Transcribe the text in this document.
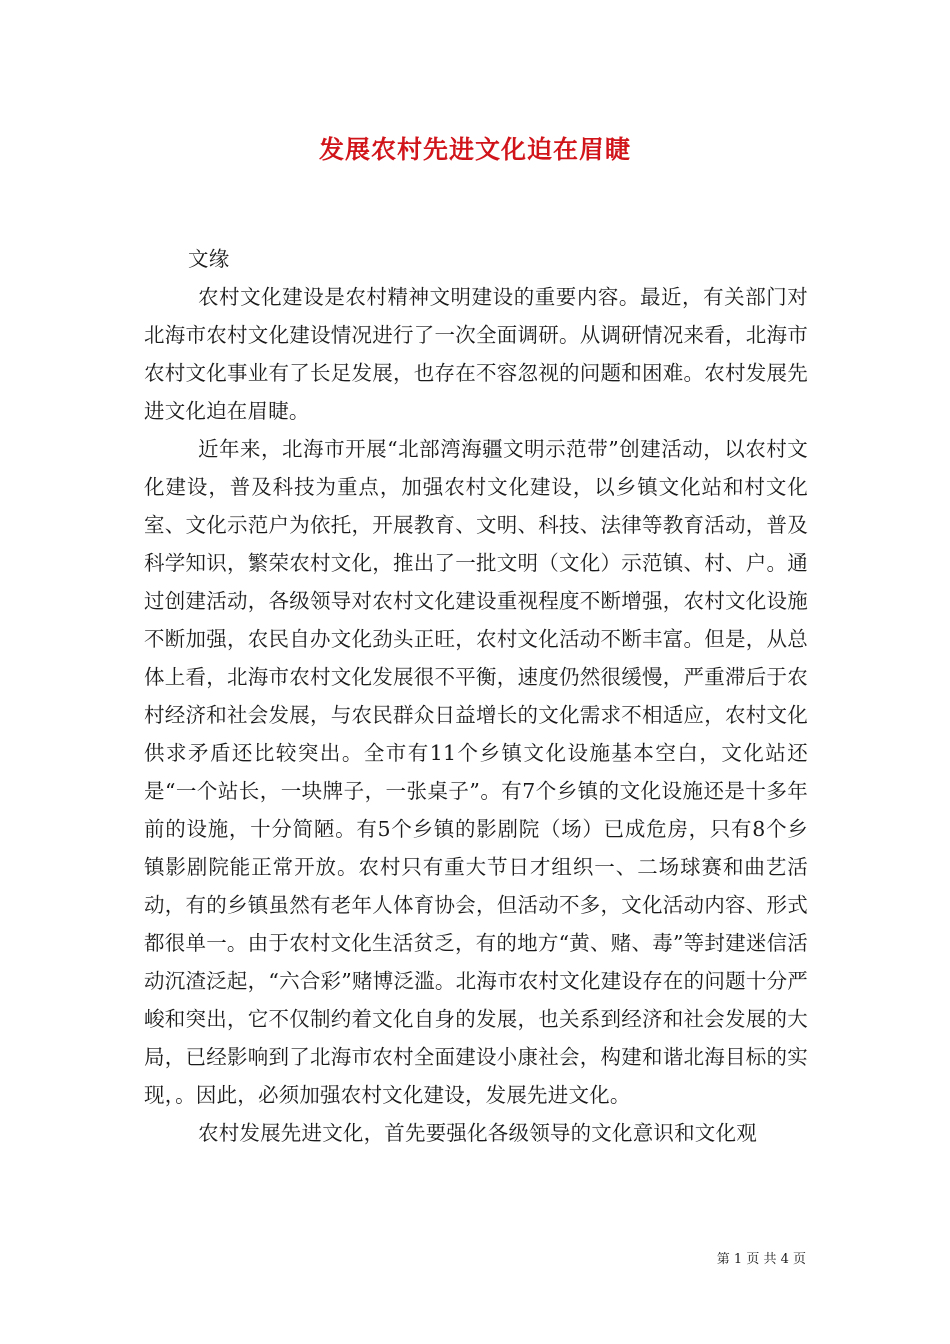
发展农村先进文化迫在眉睫

文缘

农村文化建设是农村精神文明建设的重要内容。最近，有关部门对北海市农村文化建设情况进行了一次全面调研。从调研情况来看，北海市农村文化事业有了长足发展，也存在不容忽视的问题和困难。农村发展先进文化迫在眉睫。

近年来，北海市开展“北部湾海疆文明示范带”创建活动，以农村文化建设，普及科技为重点，加强农村文化建设，以乡镇文化站和村文化室、文化示范户为依托，开展教育、文明、科技、法律等教育活动，普及科学知识，繁荣农村文化，推出了一批文明（文化）示范镇、村、户。通过创建活动，各级领导对农村文化建设重视程度不断增强，农村文化设施不断加强，农民自办文化劲头正旺，农村文化活动不断丰富。但是，从总体上看，北海市农村文化发展很不平衡，速度仍然很缓慢，严重滞后于农村经济和社会发展，与农民群众日益增长的文化需求不相适应，农村文化供求矛盾还比较突出。全市有11个乡镇文化设施基本空白，文化站还是“一个站长，一块牌子，一张桌子”。有7个乡镇的文化设施还是十多年前的设施，十分简陋。有5个乡镇的影剧院（场）已成危房，只有8个乡镇影剧院能正常开放。农村只有重大节日才组织一、二场球赛和曲艺活动，有的乡镇虽然有老年人体育协会，但活动不多，文化活动内容、形式都很单一。由于农村文化生活贫乏，有的地方“黄、赌、毒”等封建迷信活动沉渣泛起，“六合彩”赌博泛滥。北海市农村文化建设存在的问题十分严峻和突出，它不仅制约着文化自身的发展，也关系到经济和社会发展的大局，已经影响到了北海市农村全面建设小康社会，构建和谐北海目标的实现，。因此，必须加强农村文化建设，发展先进文化。

农村发展先进文化，首先要强化各级领导的文化意识和文化观

第 1 页 共 4 页
